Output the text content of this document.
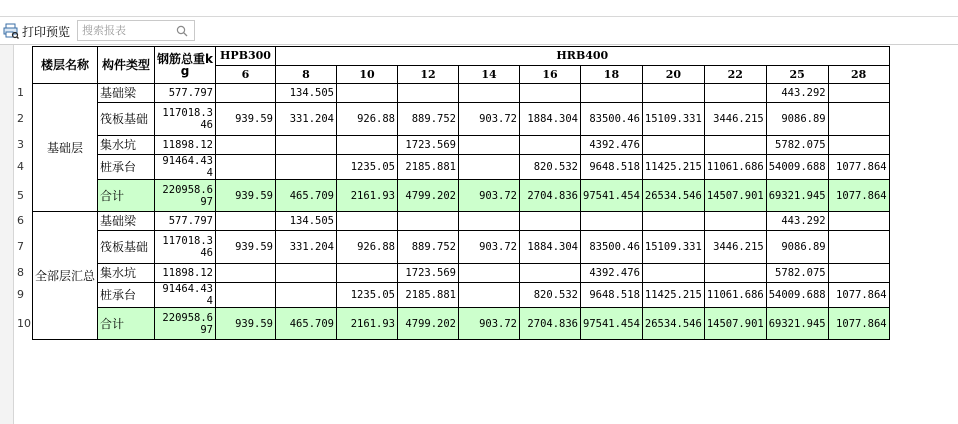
打印预览
搜索报表
	楼层名称	构件类型	钢筋总重kg	HPB300	HRB400									
				6	8	10	12	14	16	18	20	22	25	28
1	基础层	基础梁	577.797		134.505								443.292	
2		筏板基础	117018.346	939.59	331.204	926.88	889.752	903.72	1884.304	83500.46	15109.331	3446.215	9086.89	
3		集水坑	11898.12				1723.569			4392.476			5782.075	
4		桩承台	91464.434			1235.05	2185.881		820.532	9648.518	11425.215	11061.686	54009.688	1077.864
5		合计	220958.697	939.59	465.709	2161.93	4799.202	903.72	2704.836	97541.454	26534.546	14507.901	69321.945	1077.864
6	全部层汇总	基础梁	577.797		134.505								443.292	
7		筏板基础	117018.346	939.59	331.204	926.88	889.752	903.72	1884.304	83500.46	15109.331	3446.215	9086.89	
8		集水坑	11898.12				1723.569			4392.476			5782.075	
9		桩承台	91464.434			1235.05	2185.881		820.532	9648.518	11425.215	11061.686	54009.688	1077.864
10		合计	220958.697	939.59	465.709	2161.93	4799.202	903.72	2704.836	97541.454	26534.546	14507.901	69321.945	1077.864
